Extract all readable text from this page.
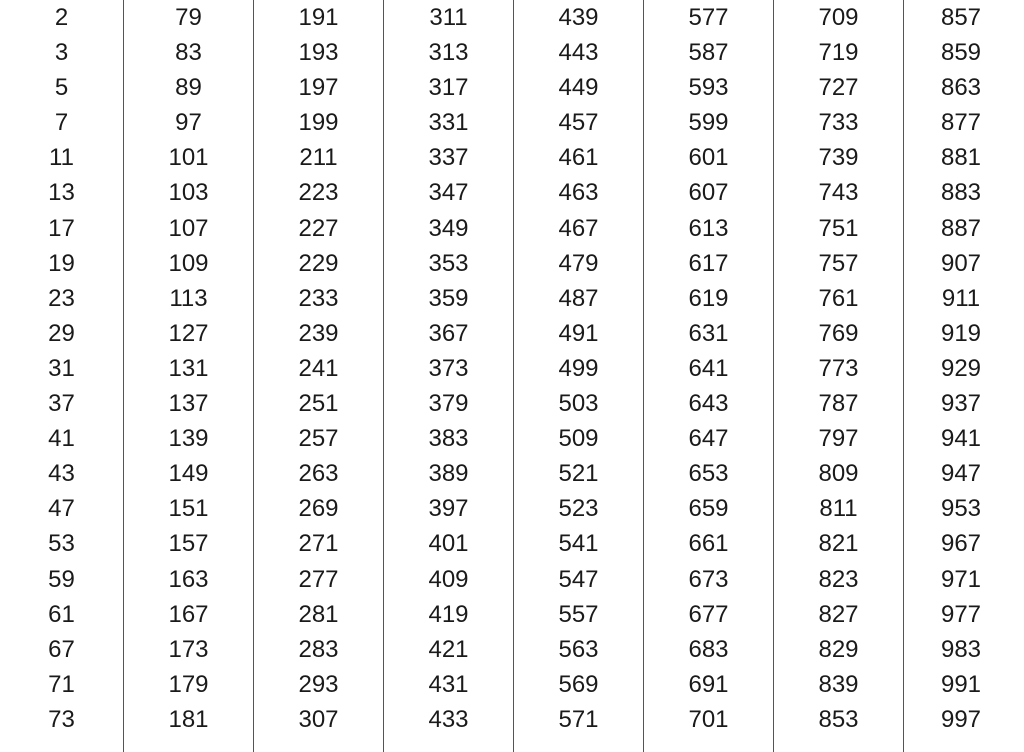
2
3
5
7
11
13
17
19
23
29
31
37
41
43
47
53
59
61
67
71
73
79
83
89
97
101
103
107
109
113
127
131
137
139
149
151
157
163
167
173
179
181
191
193
197
199
211
223
227
229
233
239
241
251
257
263
269
271
277
281
283
293
307
311
313
317
331
337
347
349
353
359
367
373
379
383
389
397
401
409
419
421
431
433
439
443
449
457
461
463
467
479
487
491
499
503
509
521
523
541
547
557
563
569
571
577
587
593
599
601
607
613
617
619
631
641
643
647
653
659
661
673
677
683
691
701
709
719
727
733
739
743
751
757
761
769
773
787
797
809
811
821
823
827
829
839
853
857
859
863
877
881
883
887
907
911
919
929
937
941
947
953
967
971
977
983
991
997
